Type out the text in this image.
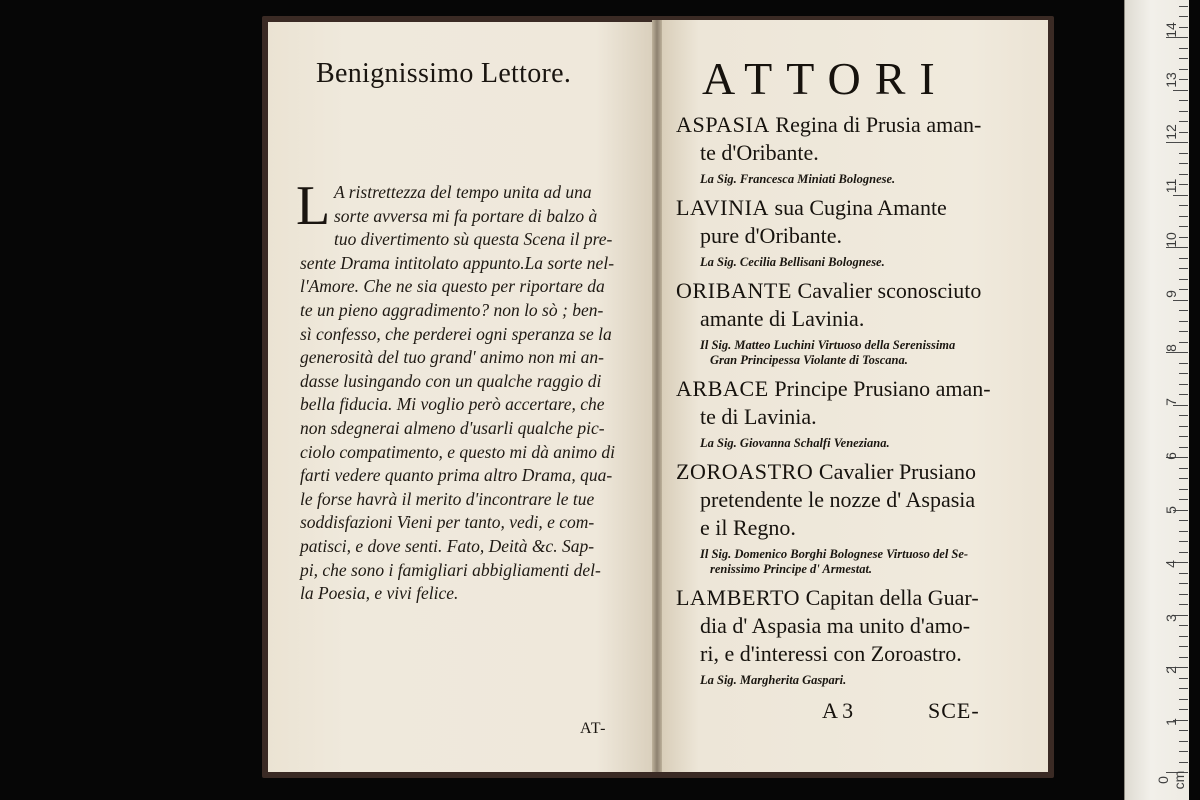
Benignissimo Lettore.
L A ristrettezza del tempo unita ad una
sorte avversa mi fa portare di balzo à
tuo divertimento sù questa Scena il pre-
sente Drama intitolato appunto.La sorte nel-
l'Amore. Che ne sia questo per riportare da
te un pieno aggradimento? non lo sò ; ben-
sì confesso, che perderei ogni speranza se la
generosità del tuo grand' animo non mi an-
dasse lusingando con un qualche raggio di
bella fiducia. Mi voglio però accertare, che
non sdegnerai almeno d'usarli qualche pic-
ciolo compatimento, e questo mi dà animo di
farti vedere quanto prima altro Drama, qua-
le forse havrà il merito d'incontrare le tue
soddisfazioni Vieni per tanto, vedi, e com-
patisci, e dove senti. Fato, Deità &c. Sap-
pi, che sono i famigliari abbigliamenti del-
la Poesia, e vivi felice.
AT-
ATTORI
ASPASIA Regina di Prusia aman-
te d'Oribante.
La Sig. Francesca Miniati Bolognese.
LAVINIA sua Cugina Amante
pure d'Oribante.
La Sig. Cecilia Bellisani Bolognese.
ORIBANTE Cavalier sconosciuto
amante di Lavinia.
Il Sig. Matteo Luchini Virtuoso della Serenissima
Gran Principessa Violante di Toscana.
ARBACE Principe Prusiano aman-
te di Lavinia.
La Sig. Giovanna Schalfi Veneziana.
ZOROASTRO Cavalier Prusiano
pretendente le nozze d' Aspasia
e il Regno.
Il Sig. Domenico Borghi Bolognese Virtuoso del Se-
renissimo Principe d' Armestat.
LAMBERTO Capitan della Guar-
dia d' Aspasia ma unito d'amo-
ri, e d'interessi con Zoroastro.
La Sig. Margherita Gaspari.
A 3	SCE-
14
13
12
11
10
9
8
7
6
5
4
3
2
1
0 cm
